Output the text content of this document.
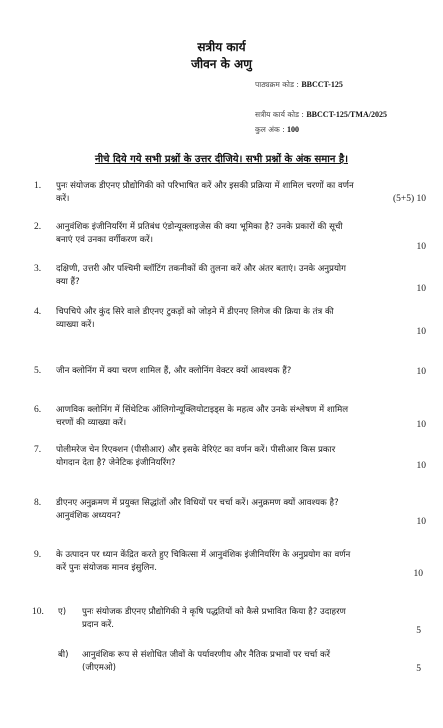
सत्रीय कार्य
जीवन के अणु
पाठ्यक्रम कोड : BBCCT-125
सत्रीय कार्य कोड : BBCCT-125/TMA/2025
कुल अंक : 100
नीचे दिये गये सभी प्रश्नों के उत्तर दीजिये। सभी प्रश्नों के अंक समान है।
1. पुनः संयोजक डीएनए प्रौद्योगिकी को परिभाषित करें और इसकी प्रक्रिया में शामिल चरणों का वर्णन करें।	(5+5) 10
2. आनुवंशिक इंजीनियरिंग में प्रतिबंध एंडोन्यूक्लाइजेस की क्या भूमिका है? उनके प्रकारों की सूची बनाएं एवं उनका वर्गीकरण करें।
10
3. दक्षिणी, उत्तरी और पश्चिमी ब्लॉटिंग तकनीकों की तुलना करें और अंतर बताएं। उनके अनुप्रयोग क्या हैं?
10
4. चिपचिपे और कुंद सिरे वाले डीएनए टुकड़ों को जोड़ने में डीएनए लिगेज की क्रिया के तंत्र की व्याख्या करें।
10
5. जीन क्लोनिंग में क्या चरण शामिल हैं, और क्लोनिंग वेक्टर क्यों आवश्यक हैं?	10
6. आणविक क्लोनिंग में सिंथेटिक ऑलिगोन्यूक्लियोटाइड्स के महत्व और उनके संश्लेषण में शामिल चरणों की व्याख्या करें।	10
7. पोलीमरेज चेन रिएक्शन (पीसीआर) और इसके वेरिएंट का वर्णन करें। पीसीआर किस प्रकार योगदान देता है? जेनेटिक इंजीनियरिंग?	10
8. डीएनए अनुक्रमण में प्रयुक्त सिद्धांतों और विधियों पर चर्चा करें। अनुक्रमण क्यों आवश्यक है? आनुवंशिक अध्ययन?
10
9. के उत्पादन पर ध्यान केंद्रित करते हुए चिकित्सा में आनुवंशिक इंजीनियरिंग के अनुप्रयोग का वर्णन करें पुनः संयोजक मानव इंसुलिन.
10
10. ए) पुनः संयोजक डीएनए प्रौद्योगिकी ने कृषि पद्धतियों को कैसे प्रभावित किया है? उदाहरण प्रदान करें.
5
बी) आनुवंशिक रूप से संशोधित जीवों के पर्यावरणीय और नैतिक प्रभावों पर चर्चा करें (जीएमओ)	5
